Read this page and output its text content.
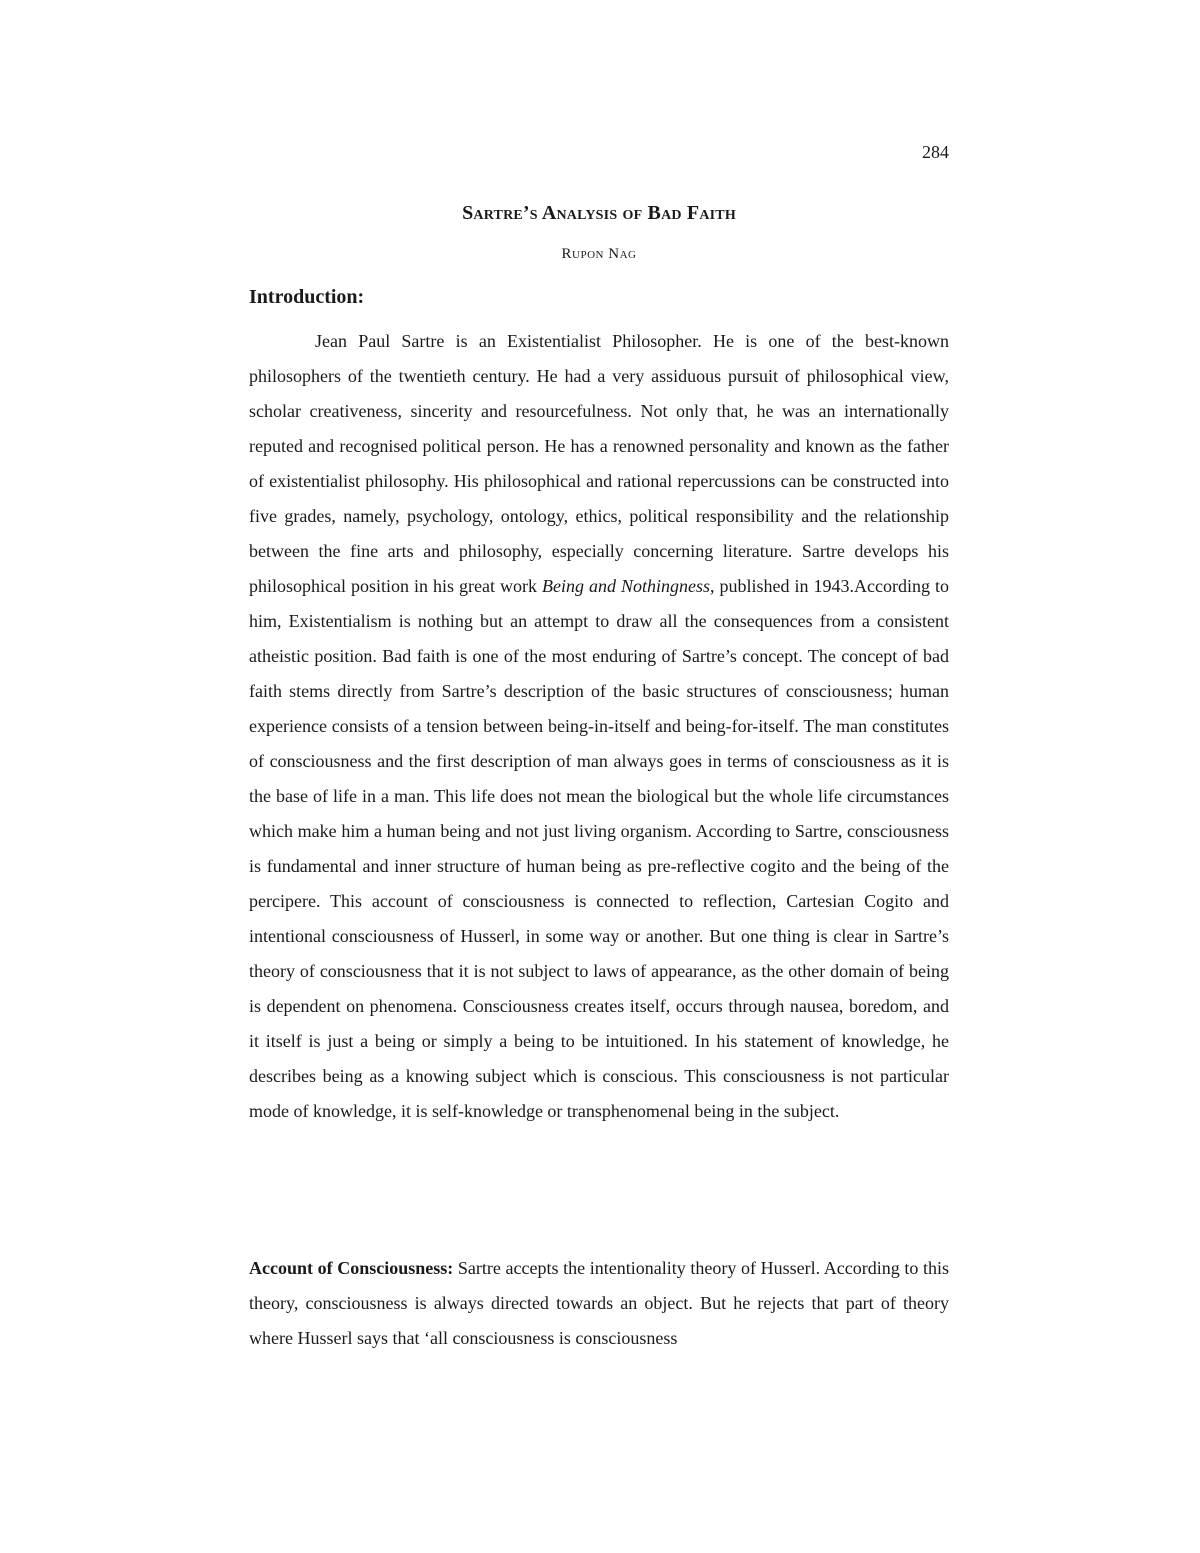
284
Sartre’s Analysis of Bad Faith
Rupon Nag
Introduction:

Jean Paul Sartre is an Existentialist Philosopher. He is one of the best-known philosophers of the twentieth century. He had a very assiduous pursuit of philosophical view, scholar creativeness, sincerity and resourcefulness. Not only that, he was an internationally reputed and recognised political person. He has a renowned personality and known as the father of existentialist philosophy. His philosophical and rational repercussions can be constructed into five grades, namely, psychology, ontology, ethics, political responsibility and the relationship between the fine arts and philosophy, especially concerning literature. Sartre develops his philosophical position in his great work Being and Nothingness, published in 1943.According to him, Existentialism is nothing but an attempt to draw all the consequences from a consistent atheistic position. Bad faith is one of the most enduring of Sartre’s concept. The concept of bad faith stems directly from Sartre’s description of the basic structures of consciousness; human experience consists of a tension between being-in-itself and being-for-itself. The man constitutes of consciousness and the first description of man always goes in terms of consciousness as it is the base of life in a man. This life does not mean the biological but the whole life circumstances which make him a human being and not just living organism. According to Sartre, consciousness is fundamental and inner structure of human being as pre-reflective cogito and the being of the percipere. This account of consciousness is connected to reflection, Cartesian Cogito and intentional consciousness of Husserl, in some way or another. But one thing is clear in Sartre’s theory of consciousness that it is not subject to laws of appearance, as the other domain of being is dependent on phenomena. Consciousness creates itself, occurs through nausea, boredom, and it itself is just a being or simply a being to be intuitioned. In his statement of knowledge, he describes being as a knowing subject which is conscious. This consciousness is not particular mode of knowledge, it is self-knowledge or transphenomenal being in the subject.

Account of Consciousness: Sartre accepts the intentionality theory of Husserl. According to this theory, consciousness is always directed towards an object. But he rejects that part of theory where Husserl says that ‘all consciousness is consciousness
